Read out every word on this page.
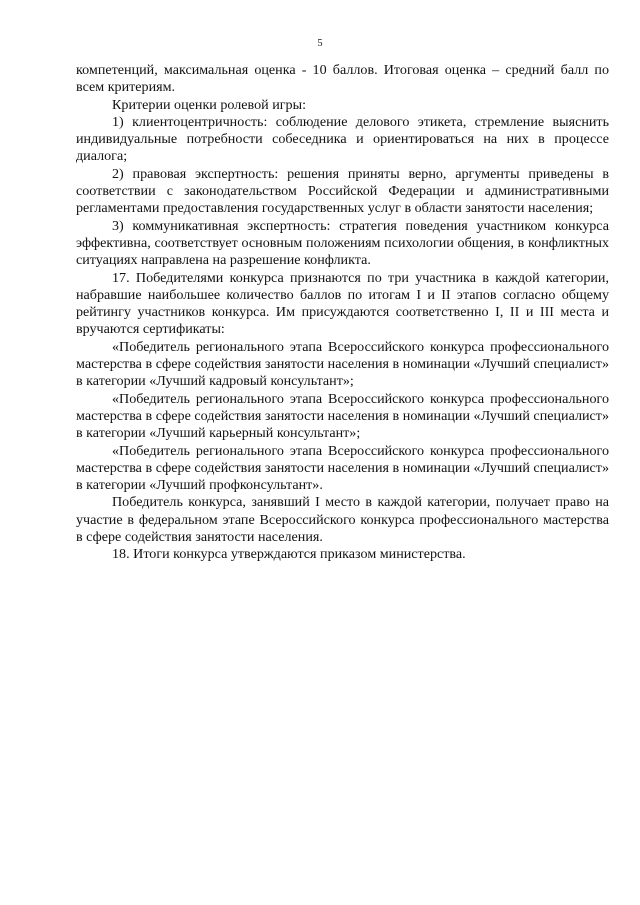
5

компетенций, максимальная оценка - 10 баллов. Итоговая оценка – средний балл по всем критериям.

Критерии оценки ролевой игры:

1) клиентоцентричность: соблюдение делового этикета, стремление выяснить индивидуальные потребности собеседника и ориентироваться на них в процессе диалога;

2) правовая экспертность: решения приняты верно, аргументы приведены в соответствии с законодательством Российской Федерации и административными регламентами предоставления государственных услуг в области занятости населения;

3) коммуникативная экспертность: стратегия поведения участником конкурса эффективна, соответствует основным положениям психологии общения, в конфликтных ситуациях направлена на разрешение конфликта.

17. Победителями конкурса признаются по три участника в каждой категории, набравшие наибольшее количество баллов по итогам I и II этапов согласно общему рейтингу участников конкурса. Им присуждаются соответственно I, II и III места и вручаются сертификаты:

«Победитель регионального этапа Всероссийского конкурса профессионального мастерства в сфере содействия занятости населения в номинации «Лучший специалист» в категории «Лучший кадровый консультант»;

«Победитель регионального этапа Всероссийского конкурса профессионального мастерства в сфере содействия занятости населения в номинации «Лучший специалист» в категории «Лучший карьерный консультант»;

«Победитель регионального этапа Всероссийского конкурса профессионального мастерства в сфере содействия занятости населения в номинации «Лучший специалист» в категории «Лучший профконсультант».

Победитель конкурса, занявший I место в каждой категории, получает право на участие в федеральном этапе Всероссийского конкурса профессионального мастерства в сфере содействия занятости населения.

18. Итоги конкурса утверждаются приказом министерства.
